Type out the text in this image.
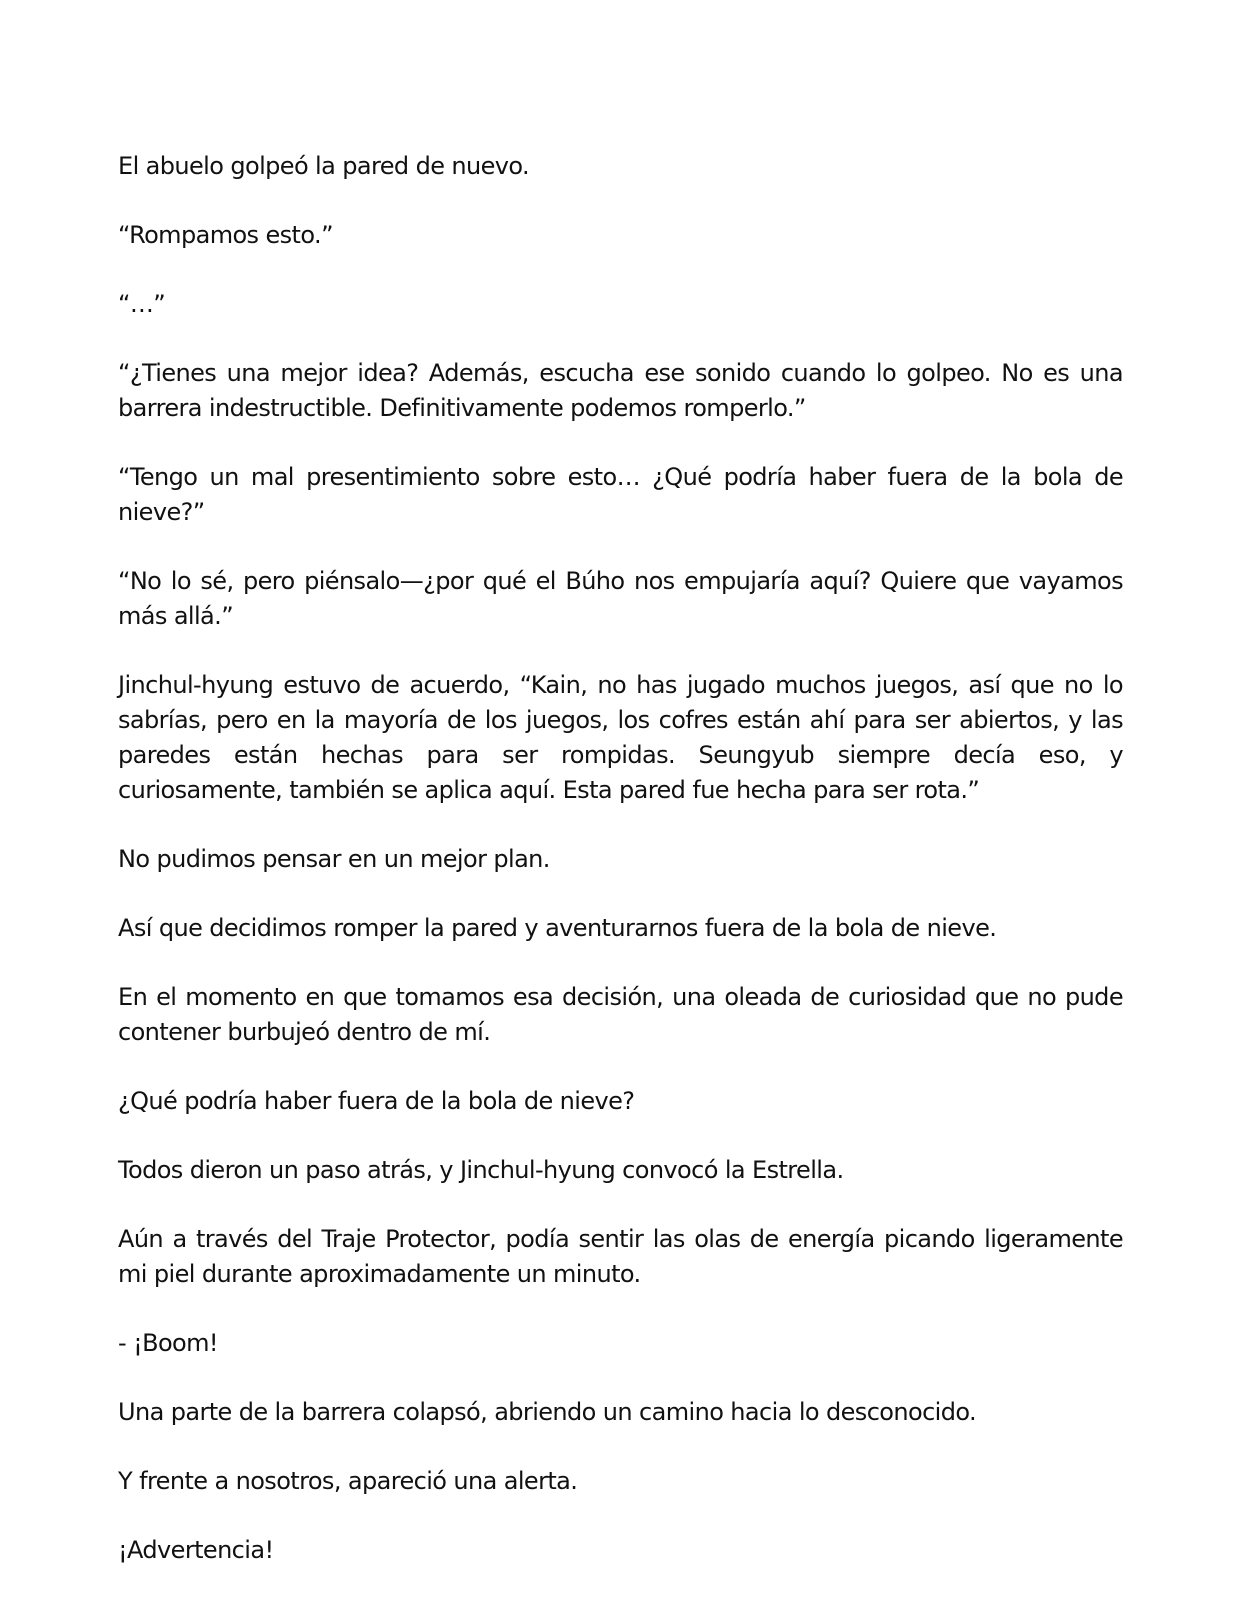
El abuelo golpeó la pared de nuevo.

“Rompamos esto.”

“…”

“¿Tienes una mejor idea? Además, escucha ese sonido cuando lo golpeo. No es una barrera indestructible. Definitivamente podemos romperlo.”

“Tengo un mal presentimiento sobre esto… ¿Qué podría haber fuera de la bola de nieve?”

“No lo sé, pero piénsalo—¿por qué el Búho nos empujaría aquí? Quiere que vayamos más allá.”

Jinchul-hyung estuvo de acuerdo, “Kain, no has jugado muchos juegos, así que no lo sabrías, pero en la mayoría de los juegos, los cofres están ahí para ser abiertos, y las paredes están hechas para ser rompidas. Seungyub siempre decía eso, y curiosamente, también se aplica aquí. Esta pared fue hecha para ser rota.”

No pudimos pensar en un mejor plan.

Así que decidimos romper la pared y aventurarnos fuera de la bola de nieve.

En el momento en que tomamos esa decisión, una oleada de curiosidad que no pude contener burbujeó dentro de mí.

¿Qué podría haber fuera de la bola de nieve?

Todos dieron un paso atrás, y Jinchul-hyung convocó la Estrella.

Aún a través del Traje Protector, podía sentir las olas de energía picando ligeramente mi piel durante aproximadamente un minuto.

- ¡Boom!

Una parte de la barrera colapsó, abriendo un camino hacia lo desconocido.

Y frente a nosotros, apareció una alerta.

¡Advertencia!
